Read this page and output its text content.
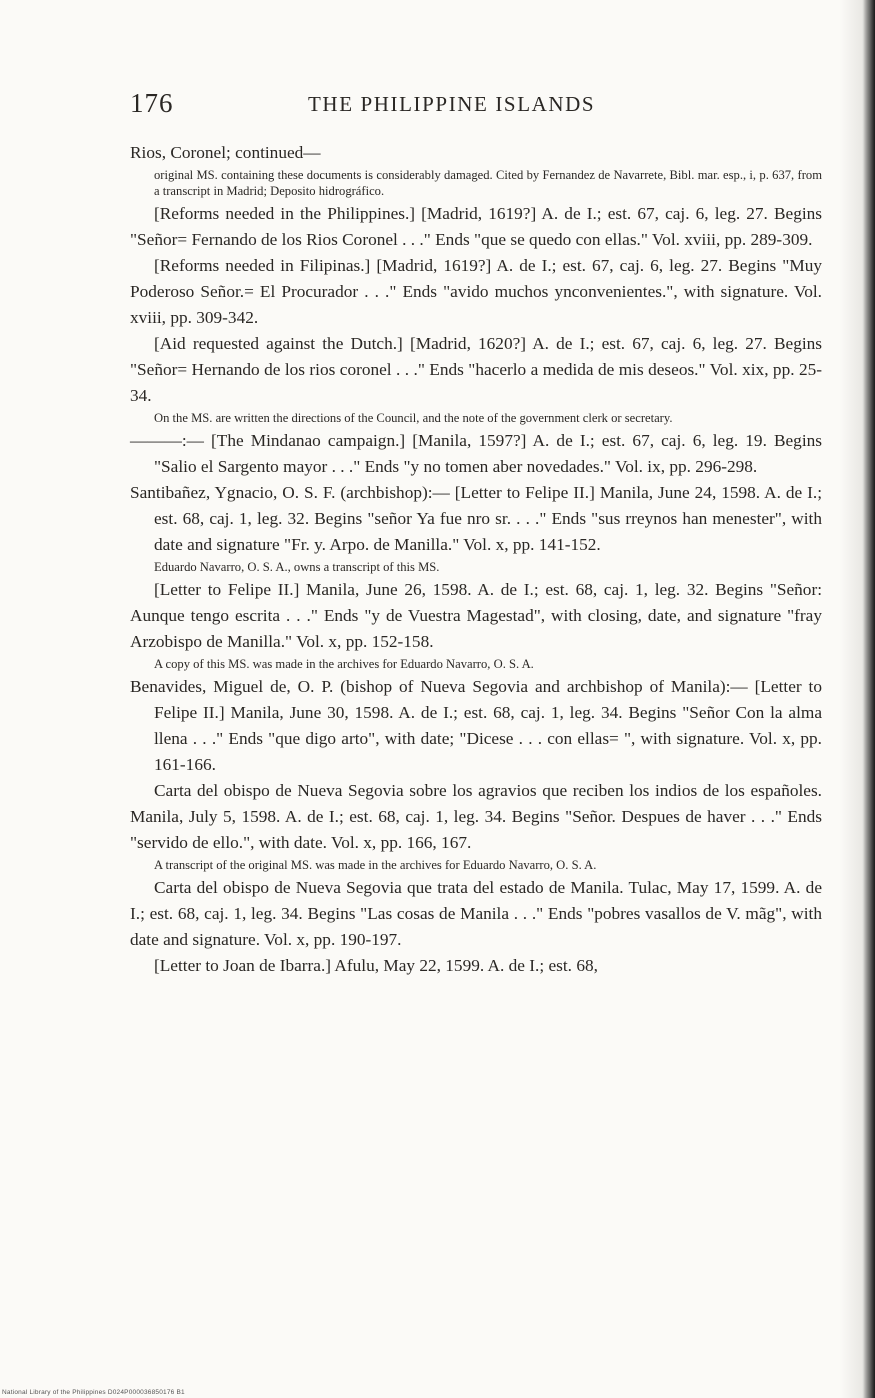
176	THE PHILIPPINE ISLANDS

Rios, Coronel; continued—

original MS. containing these documents is considerably damaged. Cited by Fernandez de Navarrete, Bibl. mar. esp., i, p. 637, from a transcript in Madrid; Deposito hidrográfico.

[Reforms needed in the Philippines.] [Madrid, 1619?] A. de I.; est. 67, caj. 6, leg. 27. Begins "Señor= Fernando de los Rios Coronel . . ." Ends "que se quedo con ellas." Vol. xviii, pp. 289-309.

[Reforms needed in Filipinas.] [Madrid, 1619?] A. de I.; est. 67, caj. 6, leg. 27. Begins "Muy Poderoso Señor.= El Procurador . . ." Ends "avido muchos ynconvenientes.", with signature. Vol. xviii, pp. 309-342.

[Aid requested against the Dutch.] [Madrid, 1620?] A. de I.; est. 67, caj. 6, leg. 27. Begins "Señor= Hernando de los rios coronel . . ." Ends "hacerlo a medida de mis deseos." Vol. xix, pp. 25-34.

On the MS. are written the directions of the Council, and the note of the government clerk or secretary.

———:— [The Mindanao campaign.] [Manila, 1597?] A. de I.; est. 67, caj. 6, leg. 19. Begins "Salio el Sargento mayor . . ." Ends "y no tomen aber novedades." Vol. ix, pp. 296-298.

Santibañez, Ygnacio, O. S. F. (archbishop):— [Letter to Felipe II.] Manila, June 24, 1598. A. de I.; est. 68, caj. 1, leg. 32. Begins "señor Ya fue nro sr. . . ." Ends "sus rreynos han menester", with date and signature "Fr. y. Arpo. de Manilla." Vol. x, pp. 141-152.

Eduardo Navarro, O. S. A., owns a transcript of this MS.

[Letter to Felipe II.] Manila, June 26, 1598. A. de I.; est. 68, caj. 1, leg. 32. Begins "Señor: Aunque tengo escrita . . ." Ends "y de Vuestra Magestad", with closing, date, and signature "fray Arzobispo de Manilla." Vol. x, pp. 152-158.

A copy of this MS. was made in the archives for Eduardo Navarro, O. S. A.

Benavides, Miguel de, O. P. (bishop of Nueva Segovia and archbishop of Manila):— [Letter to Felipe II.] Manila, June 30, 1598. A. de I.; est. 68, caj. 1, leg. 34. Begins "Señor Con la alma llena . . ." Ends "que digo arto", with date; "Dicese . . . con ellas= ", with signature. Vol. x, pp. 161-166.

Carta del obispo de Nueva Segovia sobre los agravios que reciben los indios de los españoles. Manila, July 5, 1598. A. de I.; est. 68, caj. 1, leg. 34. Begins "Señor. Despues de haver . . ." Ends "servido de ello.", with date. Vol. x, pp. 166, 167.

A transcript of the original MS. was made in the archives for Eduardo Navarro, O. S. A.

Carta del obispo de Nueva Segovia que trata del estado de Manila. Tulac, May 17, 1599. A. de I.; est. 68, caj. 1, leg. 34. Begins "Las cosas de Manila . . ." Ends "pobres vasallos de V. mãg", with date and signature. Vol. x, pp. 190-197.

[Letter to Joan de Ibarra.] Afulu, May 22, 1599. A. de I.; est. 68,

National Library of the Philippines D024P000036850176 B1
